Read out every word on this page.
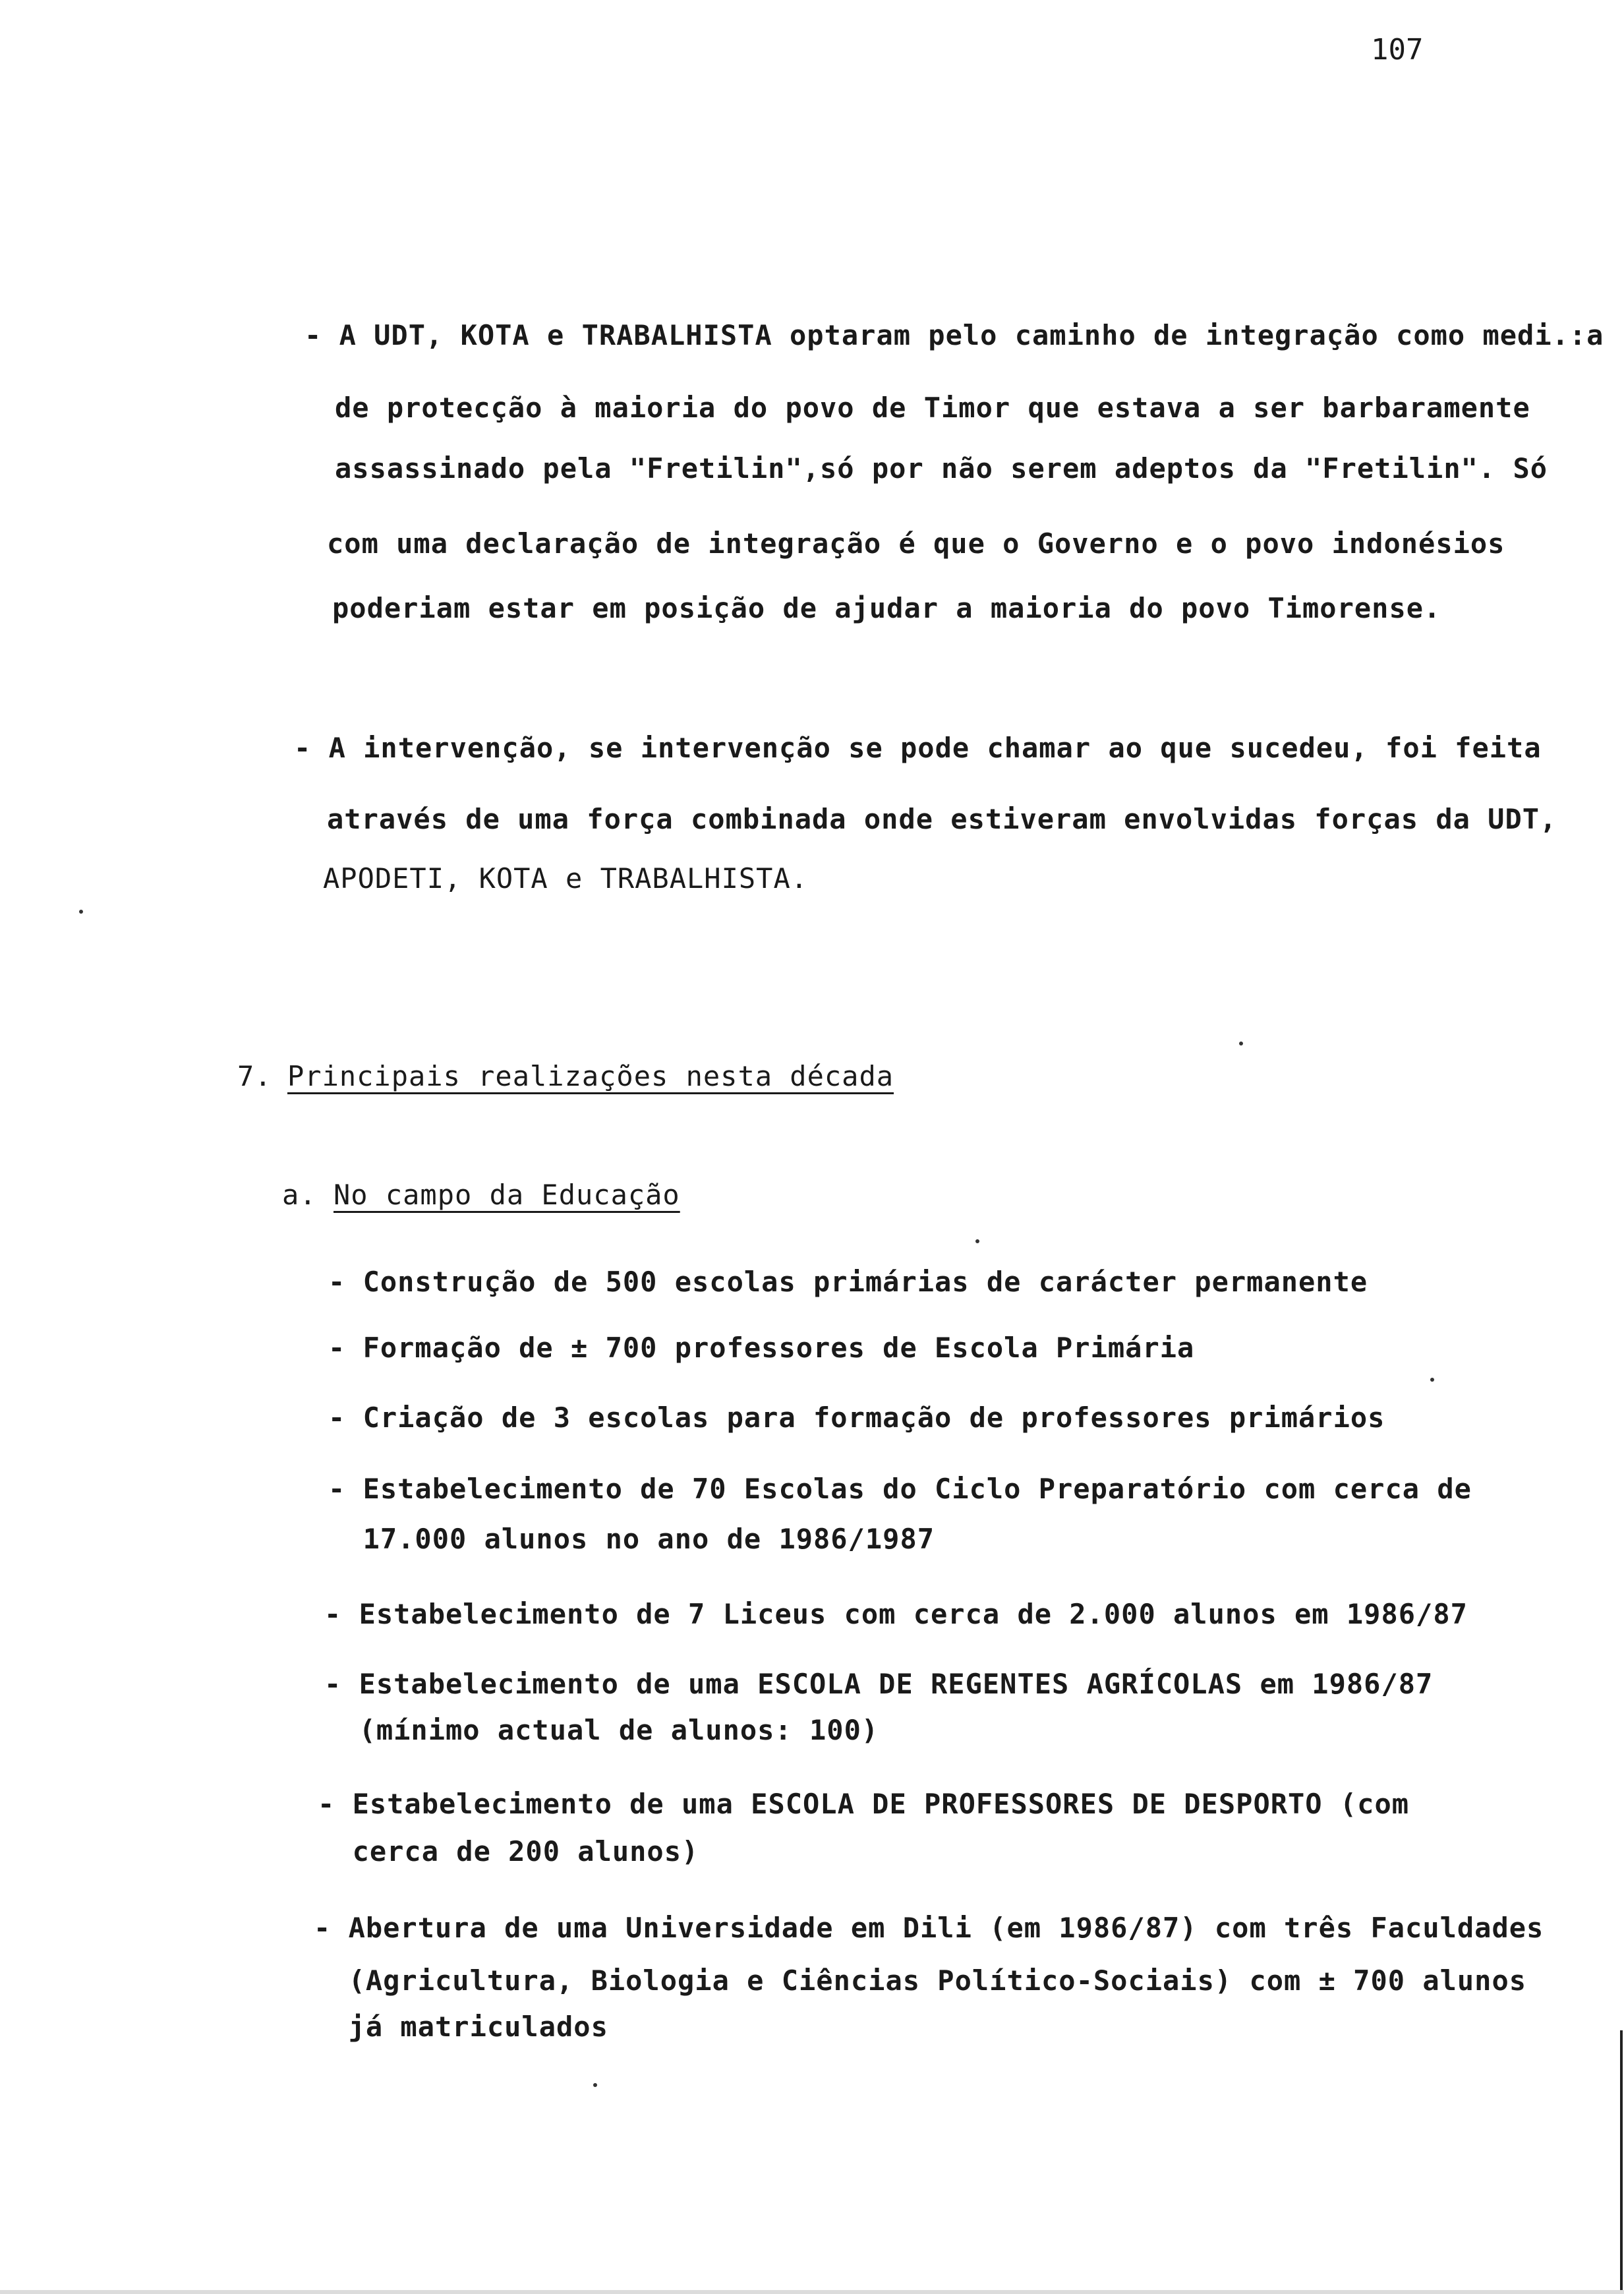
107
- A UDT, KOTA e TRABALHISTA optaram pelo caminho de integração como medi.:a
de protecção à maioria do povo de Timor que estava a ser barbaramente
assassinado pela "Fretilin",só por não serem adeptos da "Fretilin". Só
com uma declaração de integração é que o Governo e o povo indonésios
poderiam estar em posição de ajudar a maioria do povo Timorense.
- A intervenção, se intervenção se pode chamar ao que sucedeu, foi feita
através de uma força combinada onde estiveram envolvidas forças da UDT,
APODETI, KOTA e TRABALHISTA.
7. Principais realizações nesta década
a. No campo da Educação
- Construção de 500 escolas primárias de carácter permanente
- Formação de ± 700 professores de Escola Primária
- Criação de 3 escolas para formação de professores primários
- Estabelecimento de 70 Escolas do Ciclo Preparatório com cerca de
17.000 alunos no ano de 1986/1987
- Estabelecimento de 7 Liceus com cerca de 2.000 alunos em 1986/87
- Estabelecimento de uma ESCOLA DE REGENTES AGRÍCOLAS em 1986/87
(mínimo actual de alunos: 100)
- Estabelecimento de uma ESCOLA DE PROFESSORES DE DESPORTO (com
cerca de 200 alunos)
- Abertura de uma Universidade em Dili (em 1986/87) com três Faculdades
(Agricultura, Biologia e Ciências Político-Sociais) com ± 700 alunos
já matriculados
